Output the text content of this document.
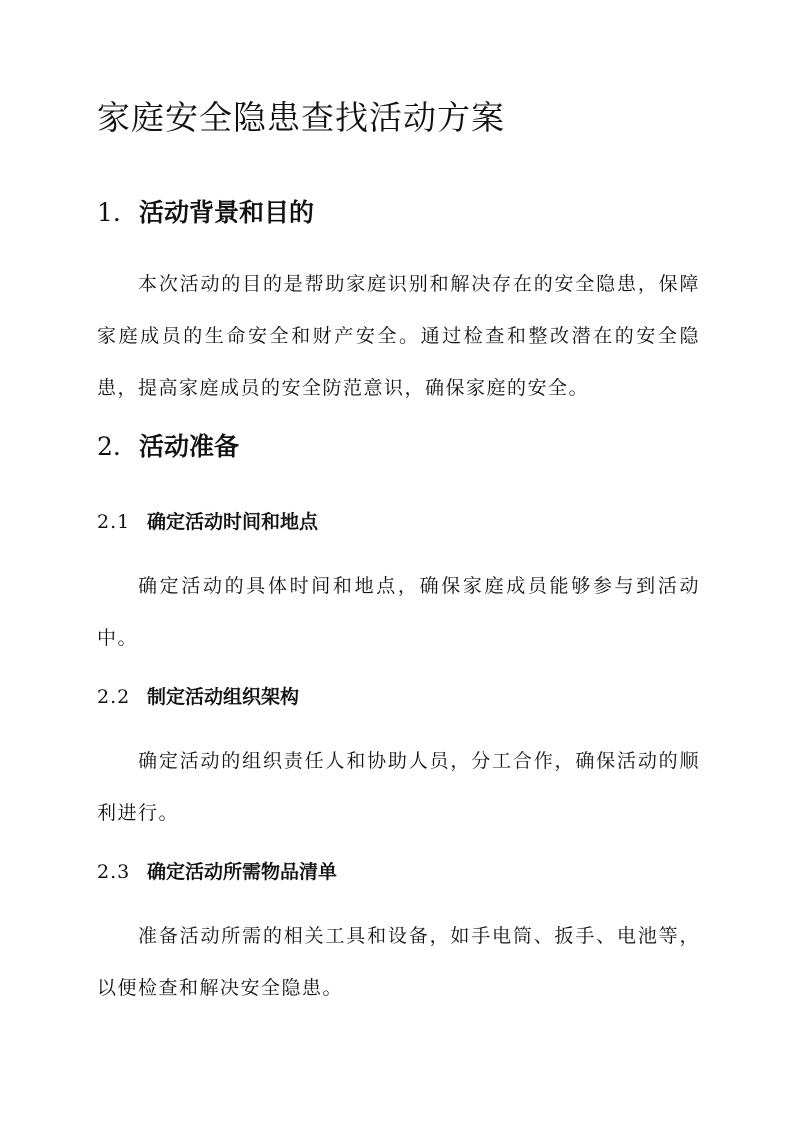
家庭安全隐患查找活动方案
1. 活动背景和目的

本次活动的目的是帮助家庭识别和解决存在的安全隐患，保障家庭成员的生命安全和财产安全。通过检查和整改潜在的安全隐患，提高家庭成员的安全防范意识，确保家庭的安全。

2. 活动准备
2.1 确定活动时间和地点

确定活动的具体时间和地点，确保家庭成员能够参与到活动中。

2.2 制定活动组织架构

确定活动的组织责任人和协助人员，分工合作，确保活动的顺利进行。

2.3 确定活动所需物品清单

准备活动所需的相关工具和设备，如手电筒、扳手、电池等，以便检查和解决安全隐患。
